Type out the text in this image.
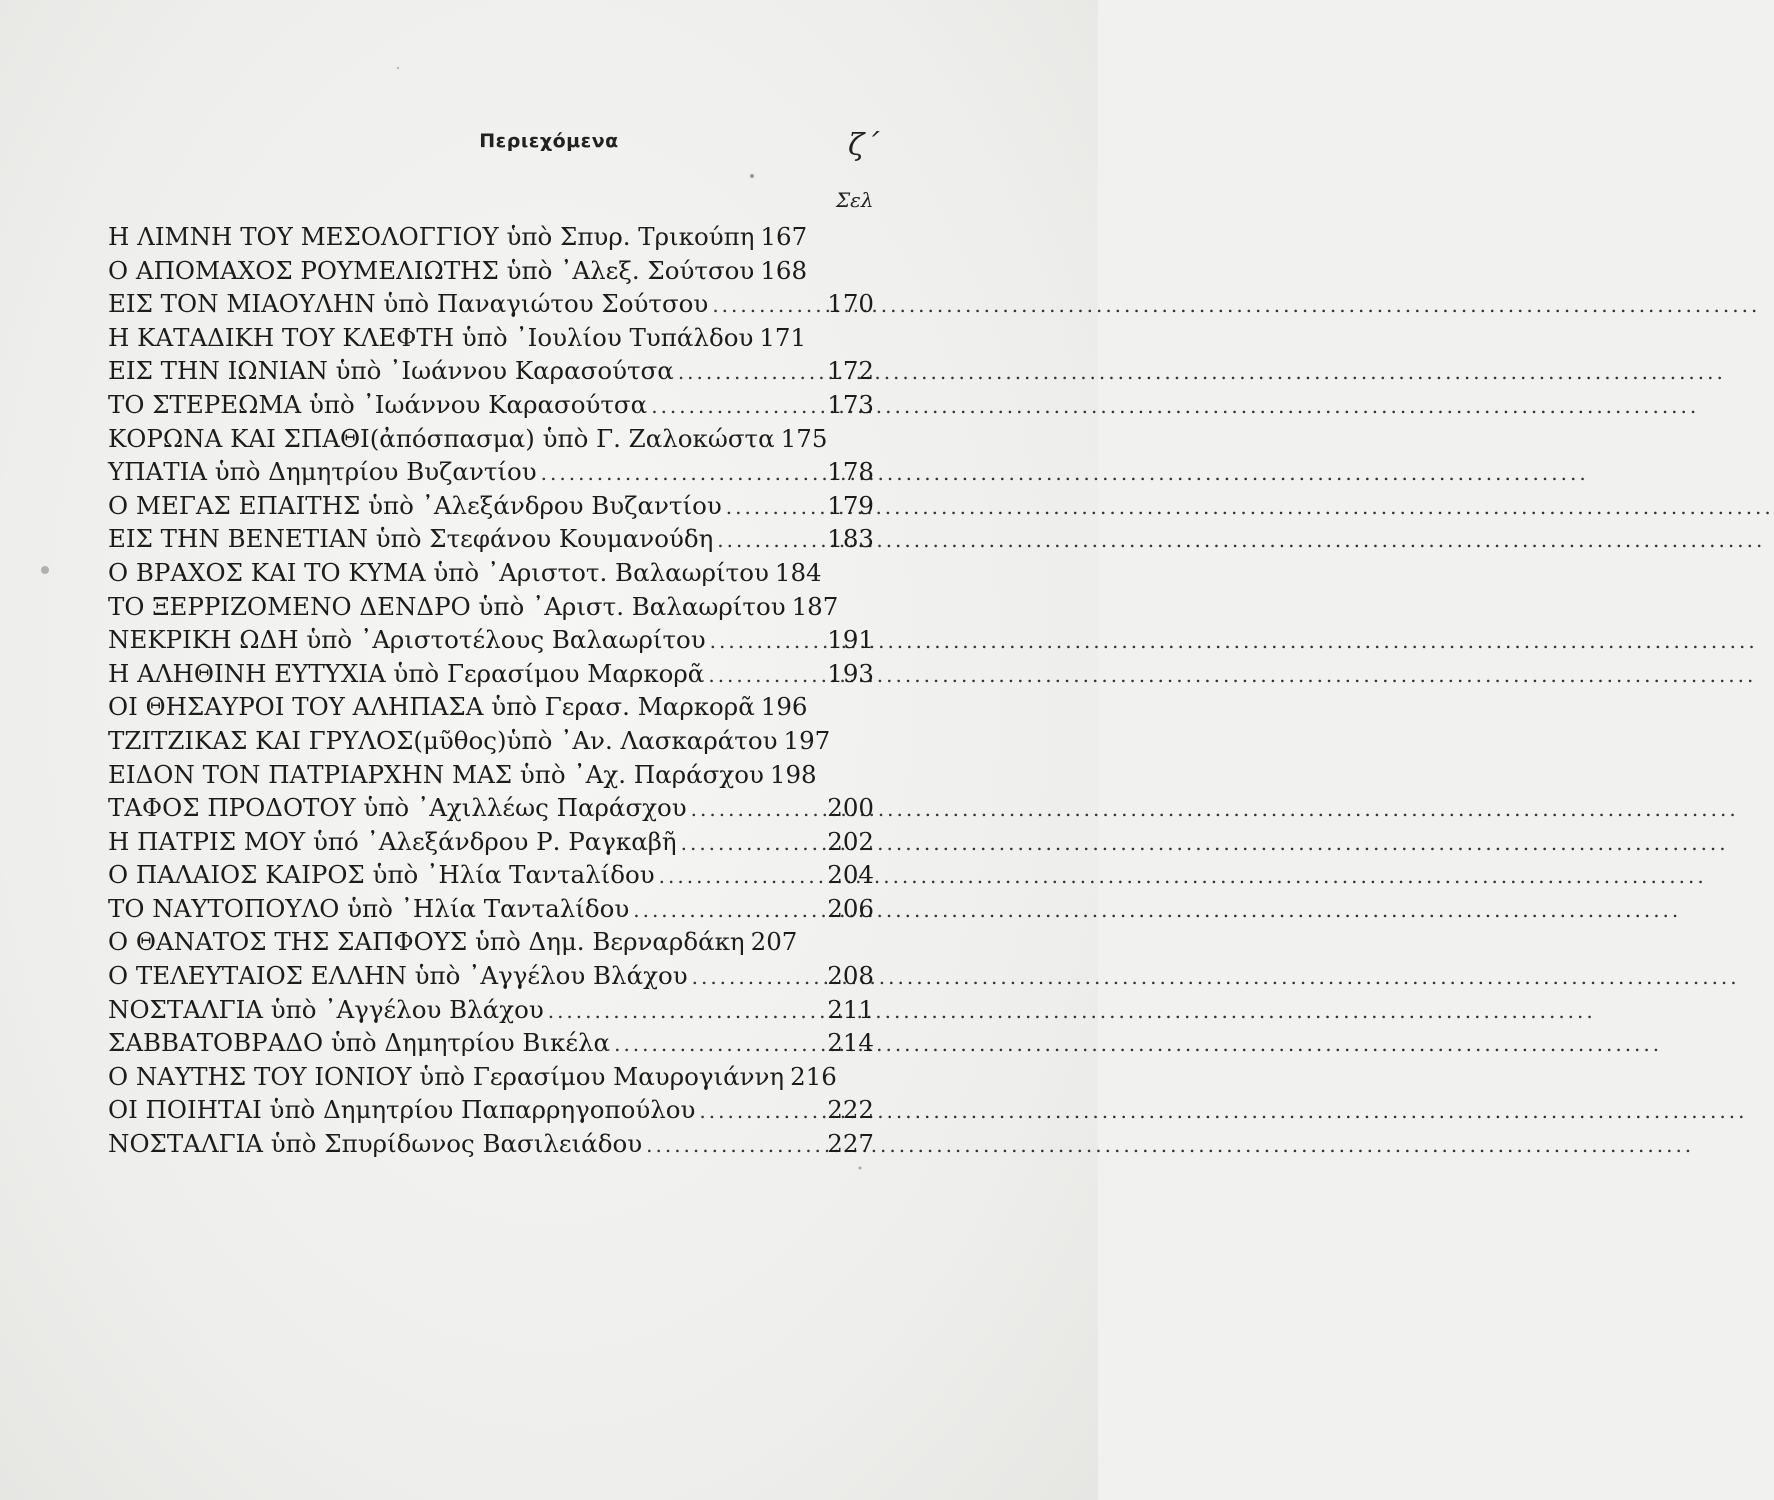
Περιεχόμενα	ζ΄
Σελ
Η ΛΙΜΝΗ ΤΟΥ ΜΕΣΟΛΟΓΓΙΟΥ ὑπὸ Σπυρ. Τρικούπη 167
Ο ΑΠΟΜΑΧΟΣ ΡΟΥΜΕΛΙΩΤΗΣ ὑπὸ ᾽Αλεξ. Σούτσου 168
ΕΙΣ ΤΟΝ ΜΙΑΟΥΛΗΝ ὑπὸ Παναγιώτου Σούτσου .....	170
Η ΚΑΤΑΔΙΚΗ ΤΟΥ ΚΛΕΦΤΗ ὑπὸ ᾽Ιουλίου Τυπάλδου 171
ΕΙΣ ΤΗΝ ΙΩΝΙΑΝ ὑπὸ ᾽Ιωάννου Καρασούτσα .....	172
ΤΟ ΣΤΕΡΕΩΜΑ ὑπὸ ᾽Ιωάννου Καρασούτσα .....	173
ΚΟΡΩΝΑ ΚΑΙ ΣΠΑΘΙ(ἀπόσπασμα) ὑπὸ Γ. Ζαλοκώστα 175
ΥΠΑΤΙΑ ὑπὸ Δημητρίου Βυζαντίου .....	178
Ο ΜΕΓΑΣ ΕΠΑΙΤΗΣ ὑπὸ ᾽Αλεξάνδρου Βυζαντίου .....	179
ΕΙΣ ΤΗΝ ΒΕΝΕΤΙΑΝ ὑπὸ Στεφάνου Κουμανούδη .....	183
Ο ΒΡΑΧΟΣ ΚΑΙ ΤΟ ΚΥΜΑ ὑπὸ ᾽Αριστοτ. Βαλαωρίτου 184
ΤΟ ΞΕΡΡΙΖΟΜΕΝΟ ΔΕΝΔΡΟ ὑπὸ ᾽Αριστ. Βαλαωρίτου 187
ΝΕΚΡΙΚΗ ΩΔΗ ὑπὸ ᾽Αριστοτέλους Βαλαωρίτου .....	191
Η ΑΛΗΘΙΝΗ ΕΥΤΥΧΙΑ ὑπὸ Γερασίμου Μαρκορᾶ .....	193
ΟΙ ΘΗΣΑΥΡΟΙ ΤΟΥ ΑΛΗΠΑΣΑ ὑπὸ Γερασ. Μαρκορᾶ 196
ΤΖΙΤΖΙΚΑΣ ΚΑΙ ΓΡΥΛΟΣ(μῦθος)ὑπὸ ᾽Αν. Λασκαράτου 197
ΕΙΔΟΝ ΤΟΝ ΠΑΤΡΙΑΡΧΗΝ ΜΑΣ ὑπὸ ᾽Αχ. Παράσχου 198
ΤΑΦΟΣ ΠΡΟΔΟΤΟΥ ὑπὸ ᾽Αχιλλέως Παράσχου .....	200
Η ΠΑΤΡΙΣ ΜΟΥ ὑπό ᾽Αλεξάνδρου Ρ. Ραγκαβῆ .....	202
Ο ΠΑΛΑΙΟΣ ΚΑΙΡΟΣ ὑπὸ ᾽Ηλία Ταντaλίδου .....	204
ΤΟ ΝΑΥΤΟΠΟΥΛΟ ὑπὸ ᾽Ηλία Ταντaλίδου .....	206
Ο ΘΑΝΑΤΟΣ ΤΗΣ ΣΑΠΦΟΥΣ ὑπὸ Δημ. Βερναρδάκη 207
Ο ΤΕΛΕΥΤΑΙΟΣ ΕΛΛΗΝ ὑπὸ ᾽Αγγέλου Βλάχου .....	208
ΝΟΣΤΑΛΓΙΑ ὑπὸ ᾽Αγγέλου Βλάχου .....	211
ΣΑΒΒΑΤΟΒΡΑΔΟ ὑπὸ Δημητρίου Βικέλα .....	214
Ο ΝΑΥΤΗΣ ΤΟΥ ΙΟΝΙΟΥ ὑπὸ Γερασίμου Μαυρογιάννη 216
ΟΙ ΠΟΙΗΤΑΙ ὑπὸ Δημητρίου Παπαρρηγοπούλου .....	222
ΝΟΣΤΑΛΓΙΑ ὑπὸ Σπυρίδωνος Βασιλειάδου .....	227
